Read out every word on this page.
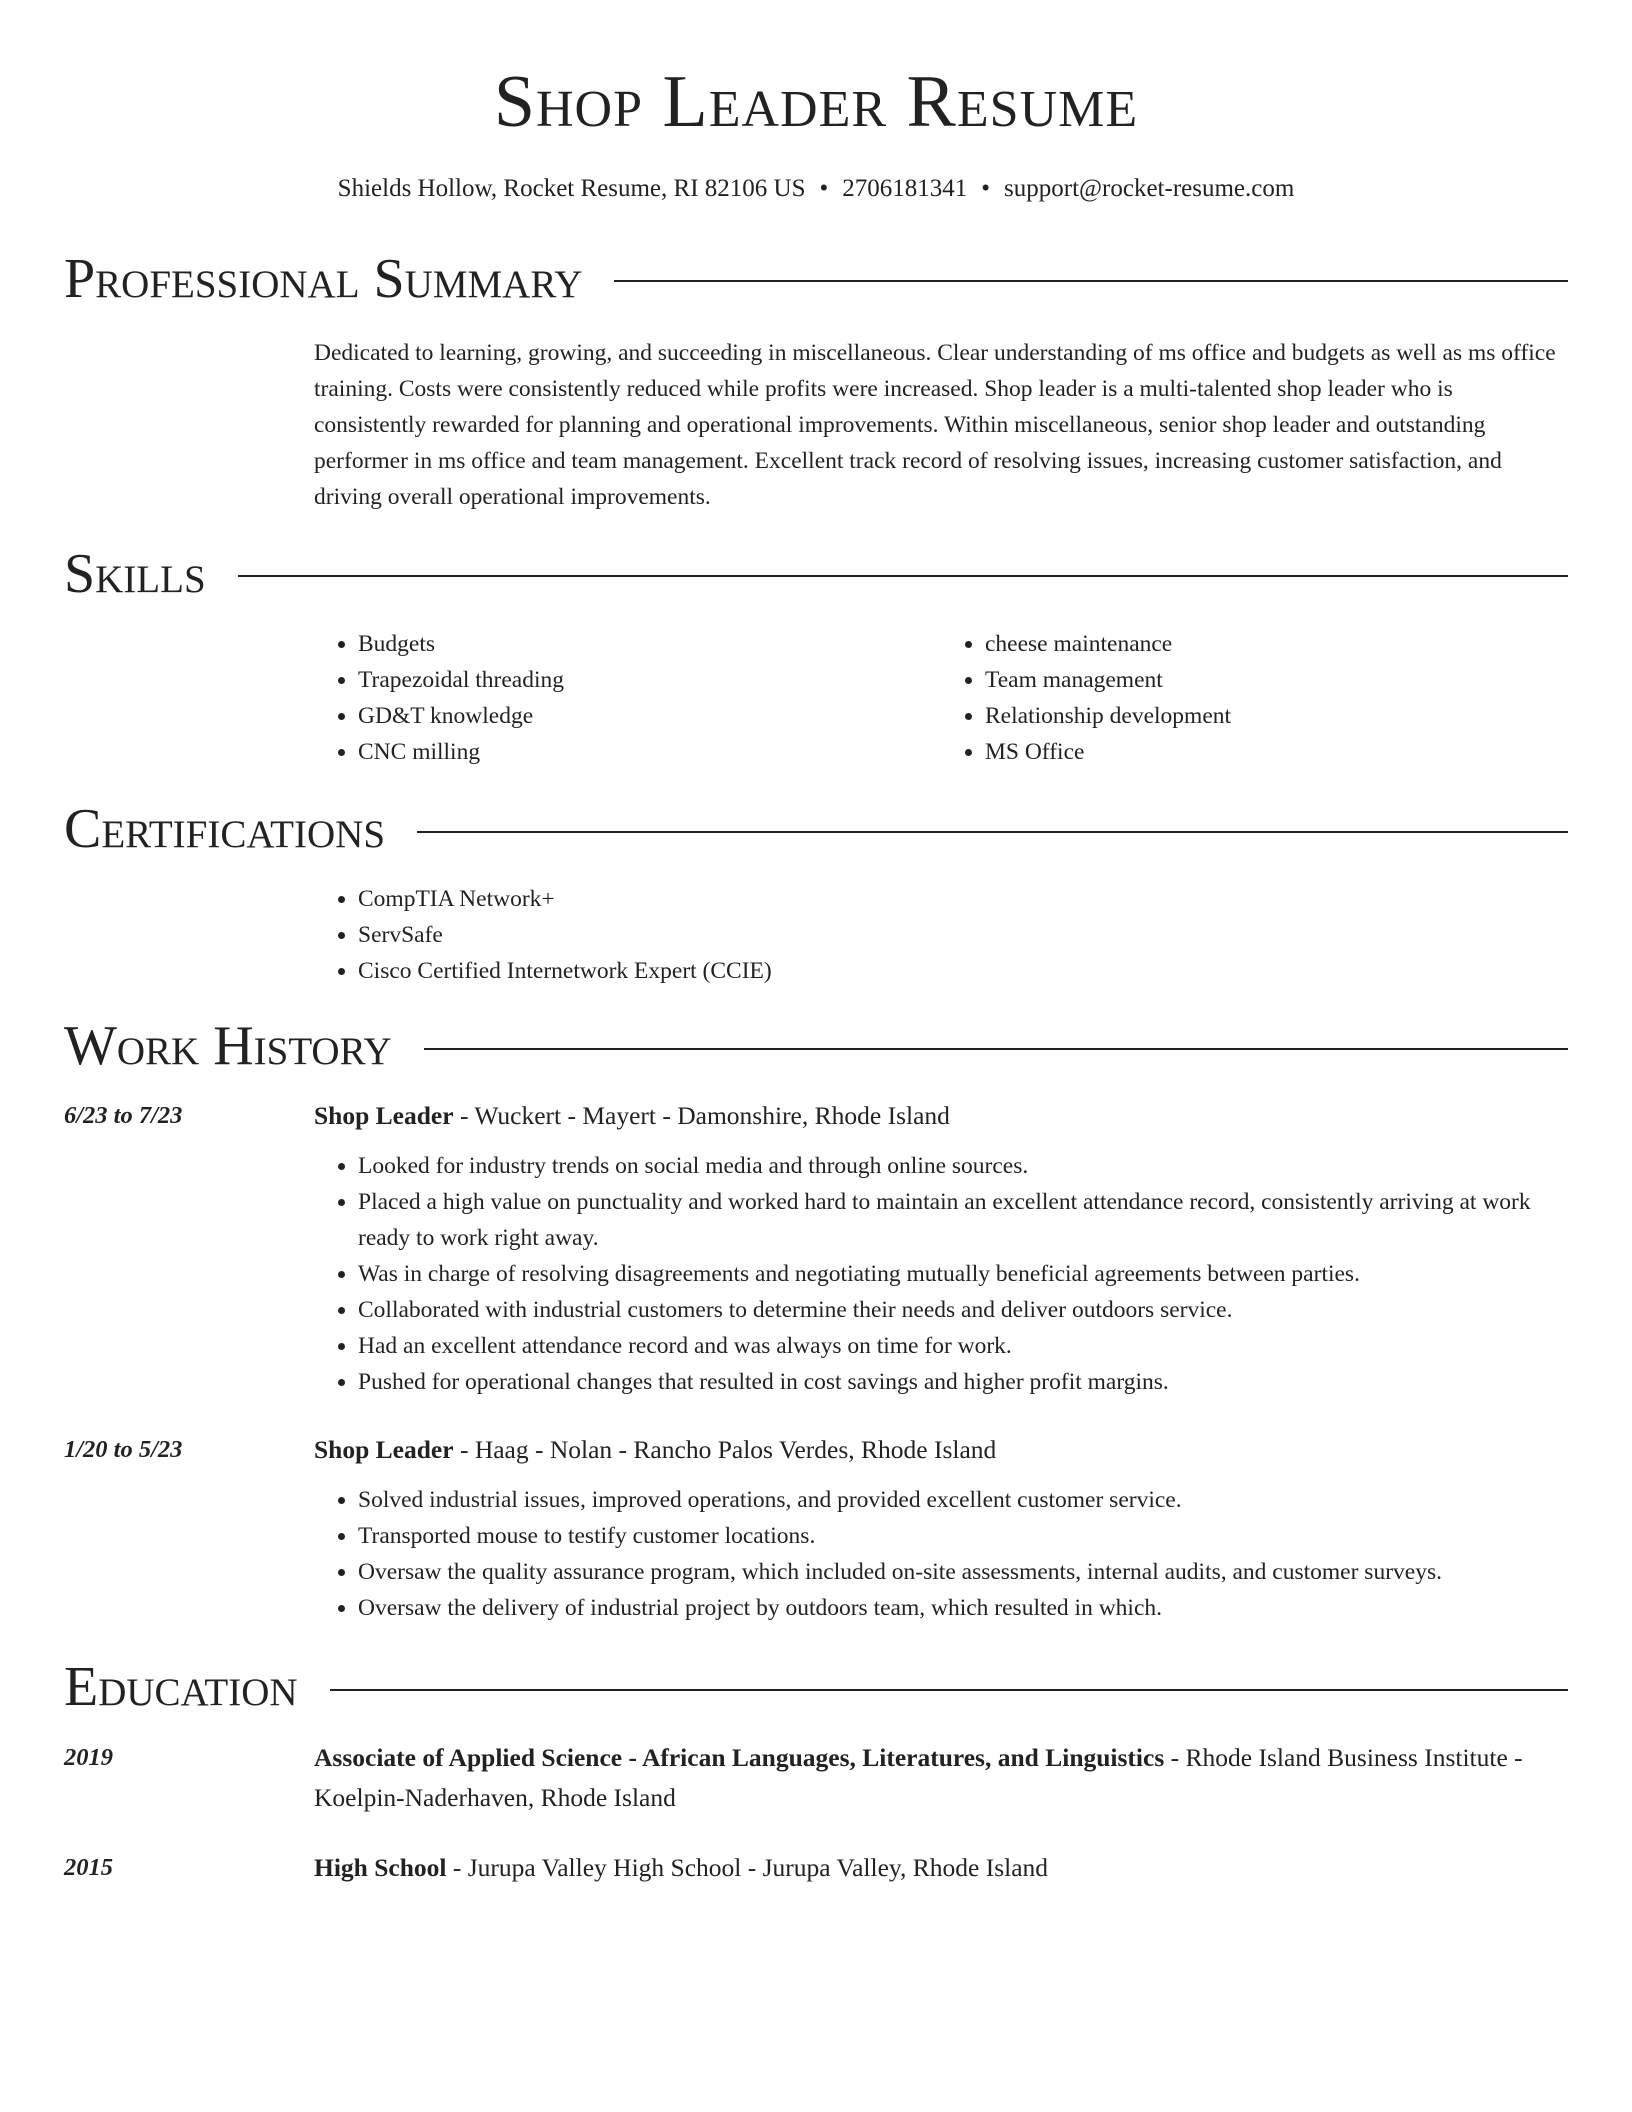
Shop Leader Resume
Shields Hollow, Rocket Resume, RI 82106 US • 2706181341 • support@rocket-resume.com
Professional Summary
Dedicated to learning, growing, and succeeding in miscellaneous. Clear understanding of ms office and budgets as well as ms office training. Costs were consistently reduced while profits were increased. Shop leader is a multi-talented shop leader who is consistently rewarded for planning and operational improvements. Within miscellaneous, senior shop leader and outstanding performer in ms office and team management. Excellent track record of resolving issues, increasing customer satisfaction, and driving overall operational improvements.
Skills
• Budgets
• Trapezoidal threading
• GD&T knowledge
• CNC milling
• cheese maintenance
• Team management
• Relationship development
• MS Office
Certifications
• CompTIA Network+
• ServSafe
• Cisco Certified Internetwork Expert (CCIE)
Work History
6/23 to 7/23	Shop Leader - Wuckert - Mayert - Damonshire, Rhode Island
• Looked for industry trends on social media and through online sources.
• Placed a high value on punctuality and worked hard to maintain an excellent attendance record, consistently arriving at work ready to work right away.
• Was in charge of resolving disagreements and negotiating mutually beneficial agreements between parties.
• Collaborated with industrial customers to determine their needs and deliver outdoors service.
• Had an excellent attendance record and was always on time for work.
• Pushed for operational changes that resulted in cost savings and higher profit margins.
1/20 to 5/23	Shop Leader - Haag - Nolan - Rancho Palos Verdes, Rhode Island
• Solved industrial issues, improved operations, and provided excellent customer service.
• Transported mouse to testify customer locations.
• Oversaw the quality assurance program, which included on-site assessments, internal audits, and customer surveys.
• Oversaw the delivery of industrial project by outdoors team, which resulted in which.
Education
2019	Associate of Applied Science - African Languages, Literatures, and Linguistics - Rhode Island Business Institute - Koelpin-Naderhaven, Rhode Island
2015	High School - Jurupa Valley High School - Jurupa Valley, Rhode Island
